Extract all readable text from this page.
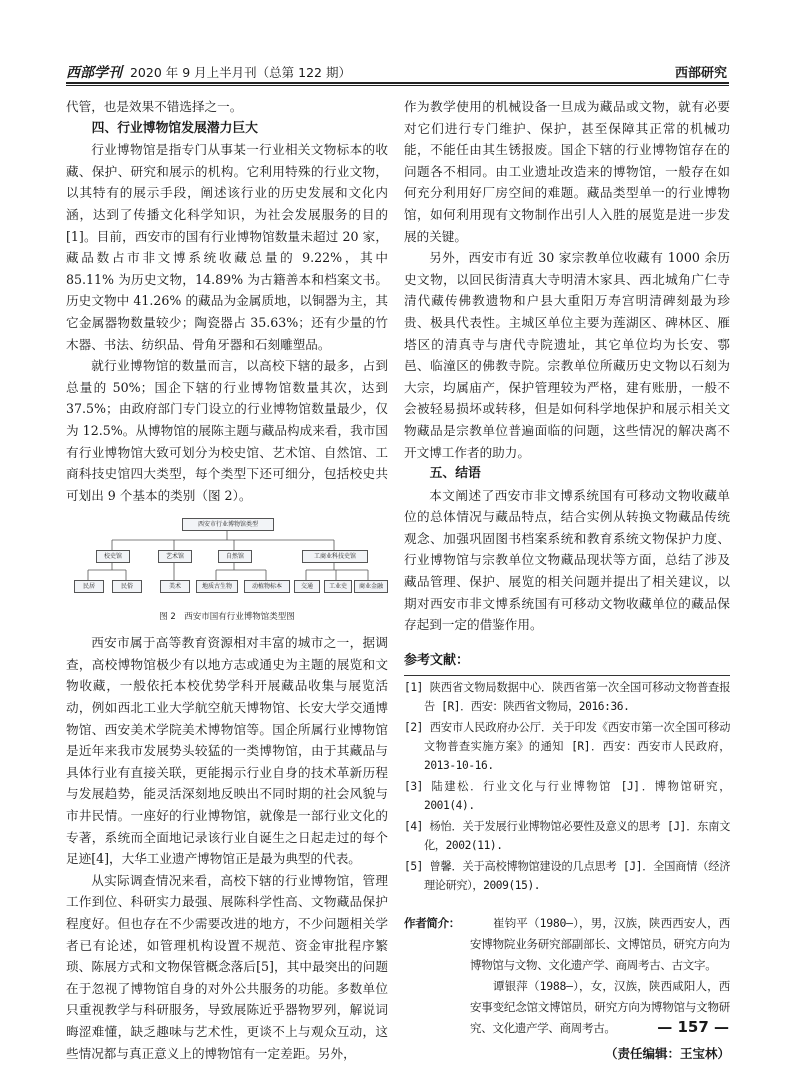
西部学刊 2020 年 9 月上半月刊（总第 122 期）	西部研究

代管，也是效果不错选择之一。

四、行业博物馆发展潜力巨大

行业博物馆是指专门从事某一行业相关文物标本的收藏、保护、研究和展示的机构。它利用特殊的行业文物，以其特有的展示手段，阐述该行业的历史发展和文化内涵，达到了传播文化科学知识，为社会发展服务的目的[1]。目前，西安市的国有行业博物馆数量未超过 20 家，藏品数占市非文博系统收藏总量的 9.22%，其中 85.11% 为历史文物，14.89% 为古籍善本和档案文书。历史文物中 41.26% 的藏品为金属质地，以铜器为主，其它金属器物数量较少；陶瓷器占 35.63%；还有少量的竹木器、书法、纺织品、骨角牙器和石刻雕塑品。

就行业博物馆的数量而言，以高校下辖的最多，占到总量的 50%；国企下辖的行业博物馆数量其次，达到 37.5%；由政府部门专门设立的行业博物馆数量最少，仅为 12.5%。从博物馆的展陈主题与藏品构成来看，我市国有行业博物馆大致可划分为校史馆、艺术馆、自然馆、工商科技史馆四大类型，每个类型下还可细分，包括校史共可划出 9 个基本的类别（图 2）。

西安市行业博物馆类型
校史馆	艺术馆	自然馆	工商业科技史馆
民居	民俗	美术	地质古生物	动植物标本	交通	工业史	商业金融
图 2　西安市国有行业博物馆类型图

西安市属于高等教育资源相对丰富的城市之一，据调查，高校博物馆极少有以地方志或通史为主题的展览和文物收藏，一般依托本校优势学科开展藏品收集与展览活动，例如西北工业大学航空航天博物馆、长安大学交通博物馆、西安美术学院美术博物馆等。国企所属行业博物馆是近年来我市发展势头较猛的一类博物馆，由于其藏品与具体行业有直接关联，更能揭示行业自身的技术革新历程与发展趋势，能灵活深刻地反映出不同时期的社会风貌与市井民情。一座好的行业博物馆，就像是一部行业文化的专著，系统而全面地记录该行业自诞生之日起走过的每个足迹[4]，大华工业遗产博物馆正是最为典型的代表。

从实际调查情况来看，高校下辖的行业博物馆，管理工作到位、科研实力最强、展陈科学性高、文物藏品保护程度好。但也存在不少需要改进的地方，不少问题相关学者已有论述，如管理机构设置不规范、资金审批程序繁琐、陈展方式和文物保管概念落后[5]，其中最突出的问题在于忽视了博物馆自身的对外公共服务的功能。多数单位只重视教学与科研服务，导致展陈近乎器物罗列，解说词晦涩难懂，缺乏趣味与艺术性，更谈不上与观众互动，这些情况都与真正意义上的博物馆有一定差距。另外，

作为教学使用的机械设备一旦成为藏品或文物，就有必要对它们进行专门维护、保护，甚至保障其正常的机械功能，不能任由其生锈报废。国企下辖的行业博物馆存在的问题各不相同。由工业遗址改造来的博物馆，一般存在如何充分利用好厂房空间的难题。藏品类型单一的行业博物馆，如何利用现有文物制作出引人入胜的展览是进一步发展的关键。

另外，西安市有近 30 家宗教单位收藏有 1000 余历史文物，以回民街清真大寺明清木家具、西北城角广仁寺清代藏传佛教遗物和户县大重阳万寿宫明清碑刻最为珍贵、极具代表性。主城区单位主要为莲湖区、碑林区、雁塔区的清真寺与唐代寺院遗址，其它单位均为长安、鄠邑、临潼区的佛教寺院。宗教单位所藏历史文物以石刻为大宗，均属庙产，保护管理较为严格，建有账册，一般不会被轻易损坏或转移，但是如何科学地保护和展示相关文物藏品是宗教单位普遍面临的问题，这些情况的解决离不开文博工作者的助力。

五、结语

本文阐述了西安市非文博系统国有可移动文物收藏单位的总体情况与藏品特点，结合实例从转换文物藏品传统观念、加强巩固图书档案系统和教育系统文物保护力度、行业博物馆与宗教单位文物藏品现状等方面，总结了涉及藏品管理、保护、展览的相关问题并提出了相关建议，以期对西安市非文博系统国有可移动文物收藏单位的藏品保存起到一定的借鉴作用。

参考文献：
[1] 陕西省文物局数据中心．陕西省第一次全国可移动文物普查报告 [R]．西安：陕西省文物局，2016:36.
[2] 西安市人民政府办公厅．关于印发《西安市第一次全国可移动文物普查实施方案》的通知 [R]．西安：西安市人民政府，2013-10-16.
[3] 陆建松．行业文化与行业博物馆 [J]．博物馆研究，2001(4).
[4] 杨怡．关于发展行业博物馆必要性及意义的思考 [J]．东南文化，2002(11).
[5] 曾馨．关于高校博物馆建设的几点思考 [J]．全国商情（经济理论研究），2009(15).
作者简介：	崔钧平（1980—），男，汉族，陕西西安人，西安博物院业务研究部副部长、文博馆员，研究方向为博物馆与文物、文化遗产学、商周考古、古文字。

谭银萍（1988—），女，汉族，陕西咸阳人，西安事变纪念馆文博馆员，研究方向为博物馆与文物研究、文化遗产学、商周考古。

（责任编辑：王宝林）
— 157 —
